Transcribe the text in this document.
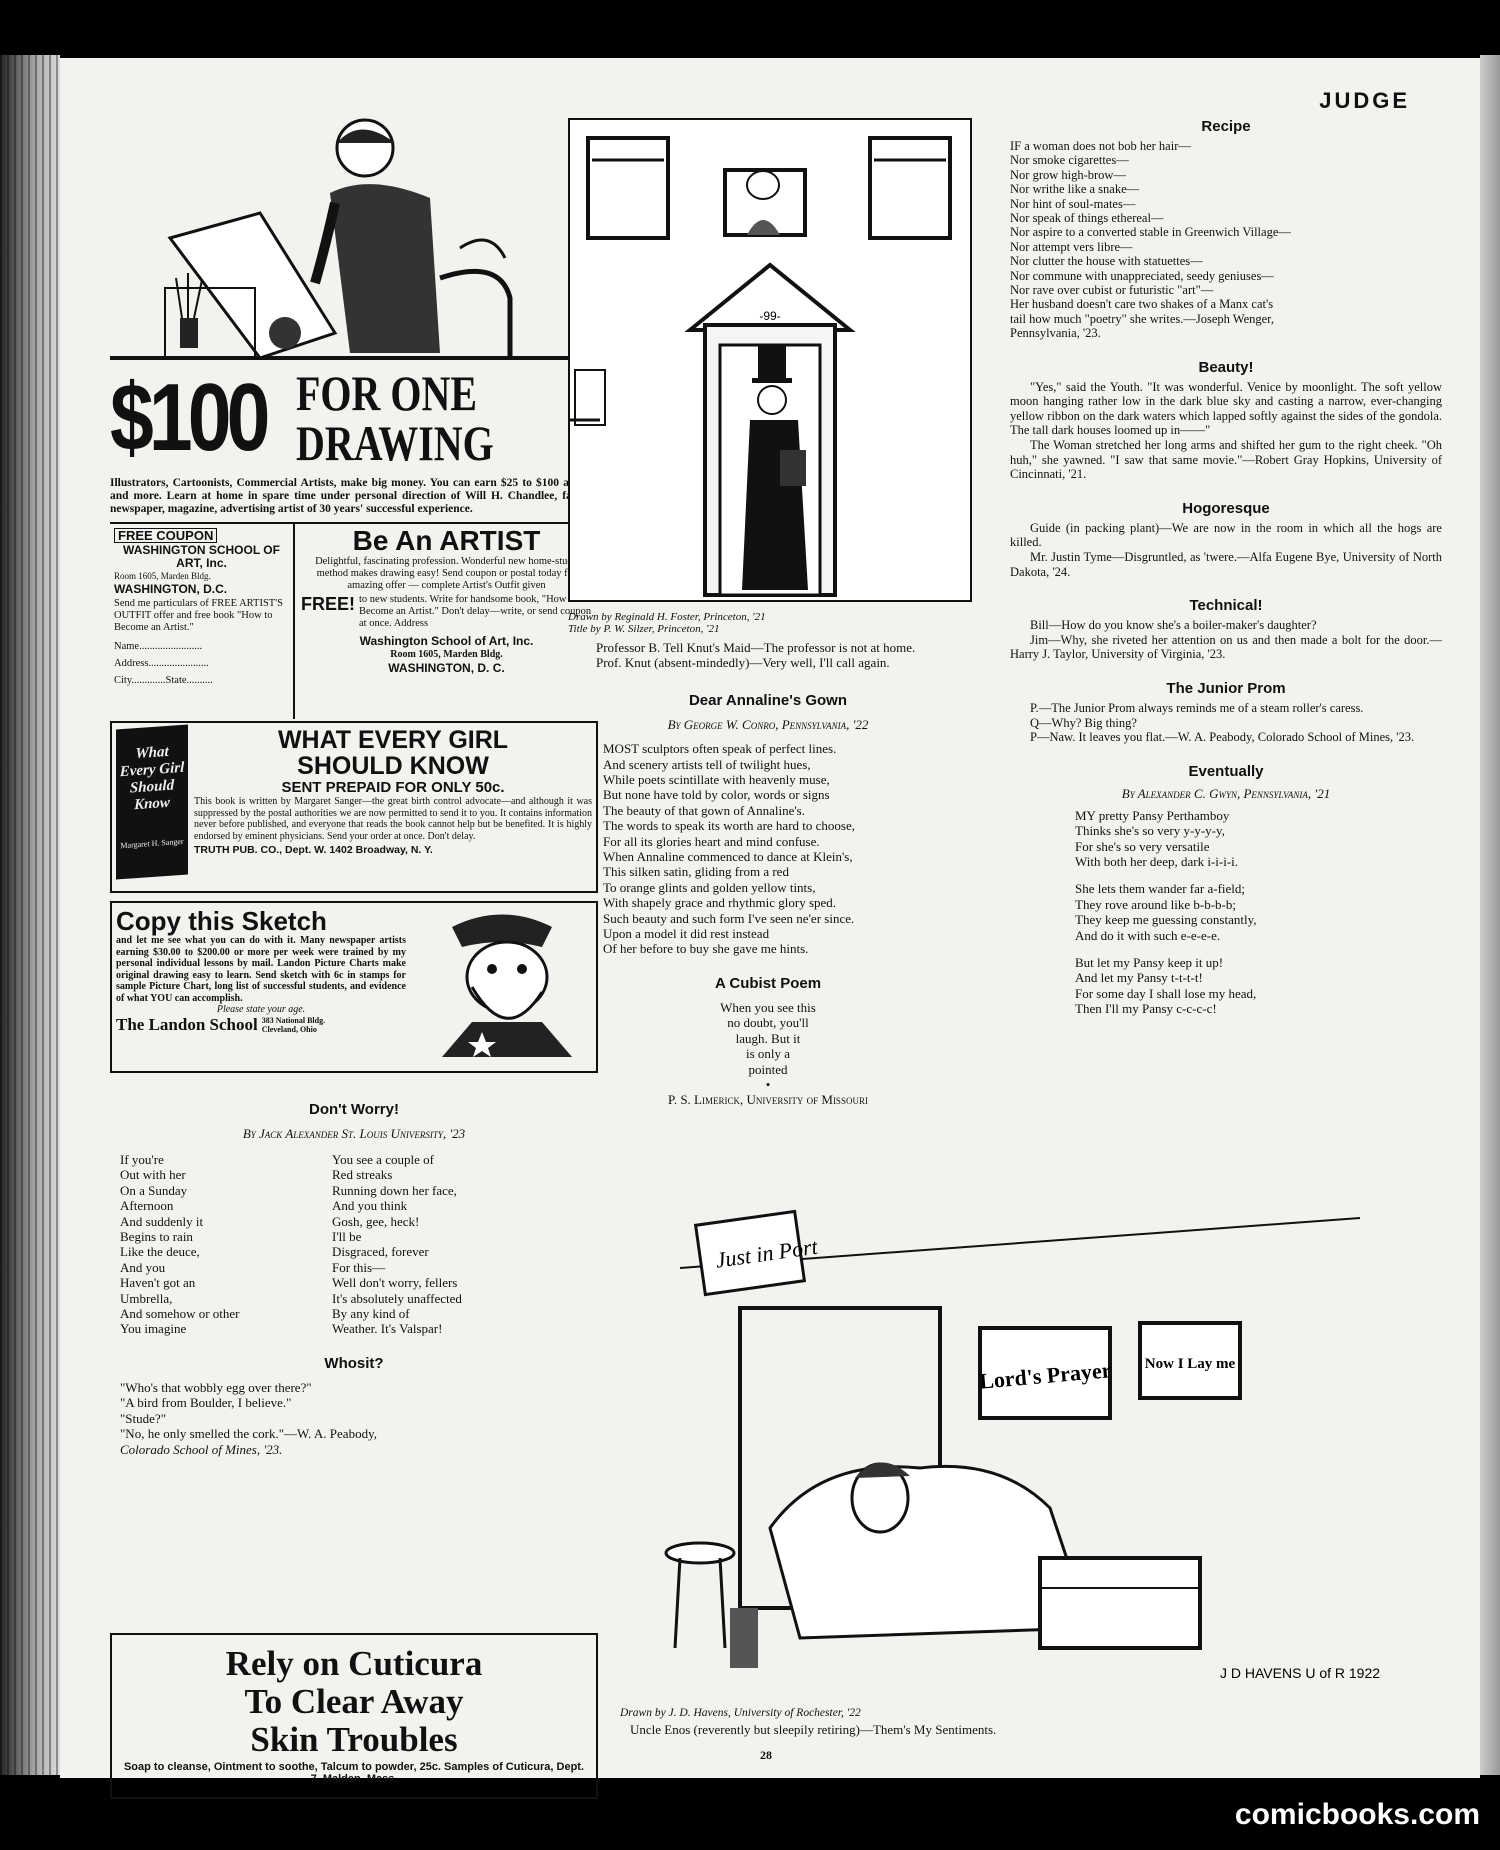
JUDGE
$100 FOR ONE
DRAWING

Illustrators, Cartoonists, Commercial Artists, make big money. You can earn $25 to $100 a week and more. Learn at home in spare time under personal direction of Will H. Chandlee, famous newspaper, magazine, advertising artist of 30 years' successful experience.

FREE COUPON
WASHINGTON SCHOOL OF ART, Inc.
Room 1605, Marden Bldg.
WASHINGTON, D.C.
Send me particulars of FREE ARTIST'S OUTFIT offer and free book "How to Become an Artist."
Name........................
Address.......................
City.............State..........
Be An ARTIST
Delightful, fascinating profession. Wonderful new home-study method makes drawing easy! Send coupon or postal today for amazing offer — complete Artist's Outfit given
FREE! to new students. Write for handsome book, "How to Become an Artist." Don't delay—write, or send coupon at once. Address
Washington School of Art, Inc.
Room 1605, Marden Bldg.
WASHINGTON, D. C.
What Every Girl Should Know
Margaret H. Sanger
WHAT EVERY GIRL
SHOULD KNOW
SENT PREPAID FOR ONLY 50c.
This book is written by Margaret Sanger—the great birth control advocate—and although it was suppressed by the postal authorities we are now permitted to send it to you. It contains information never before published, and everyone that reads the book cannot help but be benefited. It is highly endorsed by eminent physicians. Send your order at once. Don't delay.
TRUTH PUB. CO., Dept. W. 1402 Broadway, N. Y.
Copy this Sketch
and let me see what you can do with it. Many newspaper artists earning $30.00 to $200.00 or more per week were trained by my personal individual lessons by mail. Landon Picture Charts make original drawing easy to learn. Send sketch with 6c in stamps for sample Picture Chart, long list of successful students, and evidence of what YOU can accomplish.
Please state your age.
The Landon School 383 National Bldg. Cleveland, Ohio
Don't Worry!
By Jack Alexander St. Louis University, '23
If you're
Out with her
On a Sunday
Afternoon
And suddenly it
Begins to rain
Like the deuce,
And you
Haven't got an
Umbrella,
And somehow or other
You imagine
You see a couple of
Red streaks
Running down her face,
And you think
Gosh, gee, heck!
I'll be
Disgraced, forever
For this—
Well don't worry, fellers
It's absolutely unaffected
By any kind of
Weather. It's Valspar!
Whosit?
"Who's that wobbly egg over there?"
"A bird from Boulder, I believe."
"Stude?"
"No, he only smelled the cork."—W. A. Peabody,
Colorado School of Mines, '23.
Rely on Cuticura
To Clear Away
Skin Troubles
Soap to cleanse, Ointment to soothe, Talcum to powder, 25c. Samples of Cuticura, Dept. 7, Malden, Mass.
-99-
Drawn by Reginald H. Foster, Princeton, '21
Title by P. W. Silzer, Princeton, '21

Professor B. Tell Knut's Maid—The professor is not at home.

Prof. Knut (absent-mindedly)—Very well, I'll call again.

Dear Annaline's Gown
By George W. Conro, Pennsylvania, '22
MOST sculptors often speak of perfect lines.
And scenery artists tell of twilight hues,
While poets scintillate with heavenly muse,
But none have told by color, words or signs
The beauty of that gown of Annaline's.
The words to speak its worth are hard to choose,
For all its glories heart and mind confuse.
When Annaline commenced to dance at Klein's,
This silken satin, gliding from a red
To orange glints and golden yellow tints,
With shapely grace and rhythmic glory sped.
Such beauty and such form I've seen ne'er since.
Upon a model it did rest instead
Of her before to buy she gave me hints.
A Cubist Poem
When you see this
no doubt, you'll
laugh. But it
is only a
pointed
•
P. S. Limerick, University of Missouri
Recipe
IF a woman does not bob her hair—
Nor smoke cigarettes—
Nor grow high-brow—
Nor writhe like a snake—
Nor hint of soul-mates—
Nor speak of things ethereal—
Nor aspire to a converted stable in Greenwich Village—
Nor attempt vers libre—
Nor clutter the house with statuettes—
Nor commune with unappreciated, seedy geniuses—
Nor rave over cubist or futuristic "art"—
Her husband doesn't care two shakes of a Manx cat's
tail how much "poetry" she writes.—Joseph Wenger,
Pennsylvania, '23.
Beauty!

"Yes," said the Youth. "It was wonderful. Venice by moonlight. The soft yellow moon hanging rather low in the dark blue sky and casting a narrow, ever-changing yellow ribbon on the dark waters which lapped softly against the sides of the gondola. The tall dark houses loomed up in——"

The Woman stretched her long arms and shifted her gum to the right cheek. "Oh huh," she yawned. "I saw that same movie."—Robert Gray Hopkins, University of Cincinnati, '21.

Hogoresque

Guide (in packing plant)—We are now in the room in which all the hogs are killed.

Mr. Justin Tyme—Disgruntled, as 'twere.—Alfa Eugene Bye, University of North Dakota, '24.

Technical!

Bill—How do you know she's a boiler-maker's daughter?

Jim—Why, she riveted her attention on us and then made a bolt for the door.—Harry J. Taylor, University of Virginia, '23.

The Junior Prom

P.—The Junior Prom always reminds me of a steam roller's caress.

Q—Why? Big thing?

P—Naw. It leaves you flat.—W. A. Peabody, Colorado School of Mines, '23.

Eventually
By Alexander C. Gwyn, Pennsylvania, '21
MY pretty Pansy Perthamboy
Thinks she's so very y-y-y-y,
For she's so very versatile
With both her deep, dark i-i-i-i.
She lets them wander far a-field;
They rove around like b-b-b-b;
They keep me guessing constantly,
And do it with such e-e-e-e.
But let my Pansy keep it up!
And let my Pansy t-t-t-t!
For some day I shall lose my head,
Then I'll my Pansy c-c-c-c!
Just in Port
Lord's Prayer Now I Lay me
J D HAVENS U of R 1922
Drawn by J. D. Havens, University of Rochester, '22

Uncle Enos (reverently but sleepily retiring)—Them's My Sentiments.

28
comicbooks.com
